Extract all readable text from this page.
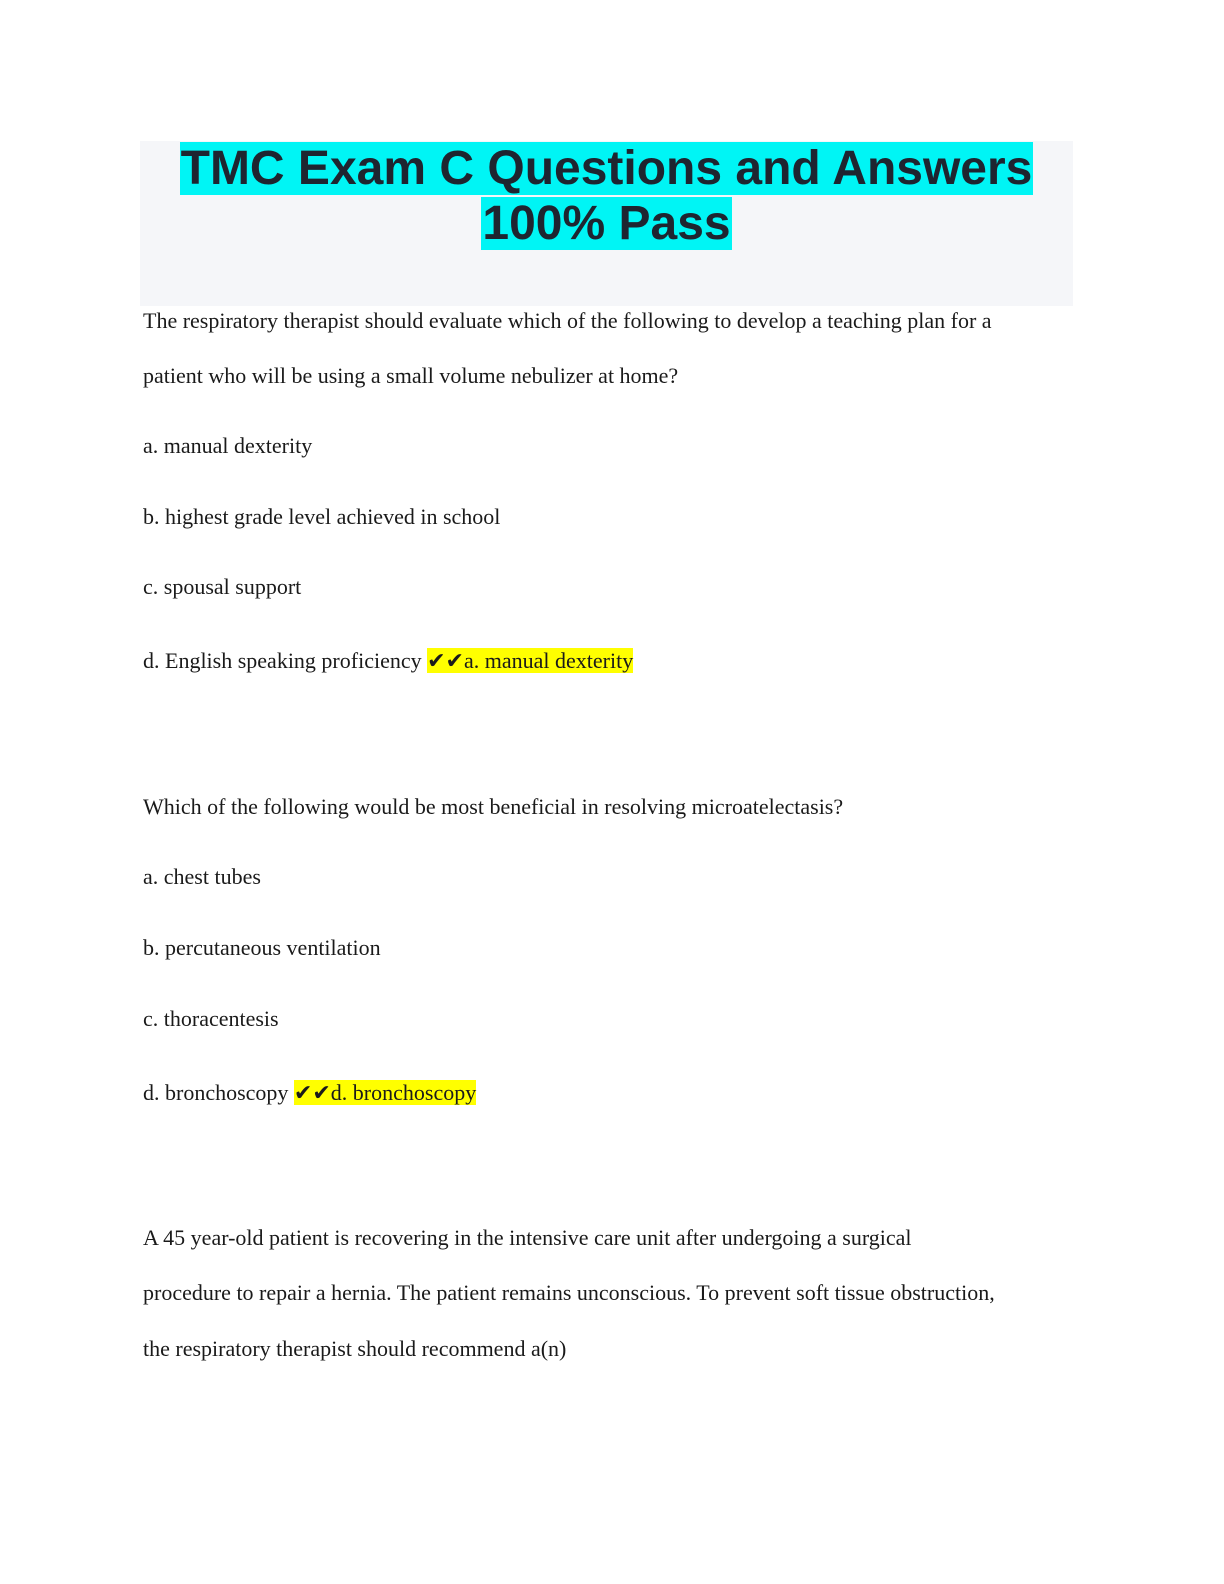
TMC Exam C Questions and Answers
100% Pass

The respiratory therapist should evaluate which of the following to develop a teaching plan for a

patient who will be using a small volume nebulizer at home?

a. manual dexterity

b. highest grade level achieved in school

c. spousal support

d. English speaking proficiency ✔✔a. manual dexterity

Which of the following would be most beneficial in resolving microatelectasis?

a. chest tubes

b. percutaneous ventilation

c. thoracentesis

d. bronchoscopy ✔✔d. bronchoscopy

A 45 year-old patient is recovering in the intensive care unit after undergoing a surgical

procedure to repair a hernia. The patient remains unconscious. To prevent soft tissue obstruction,

the respiratory therapist should recommend a(n)
